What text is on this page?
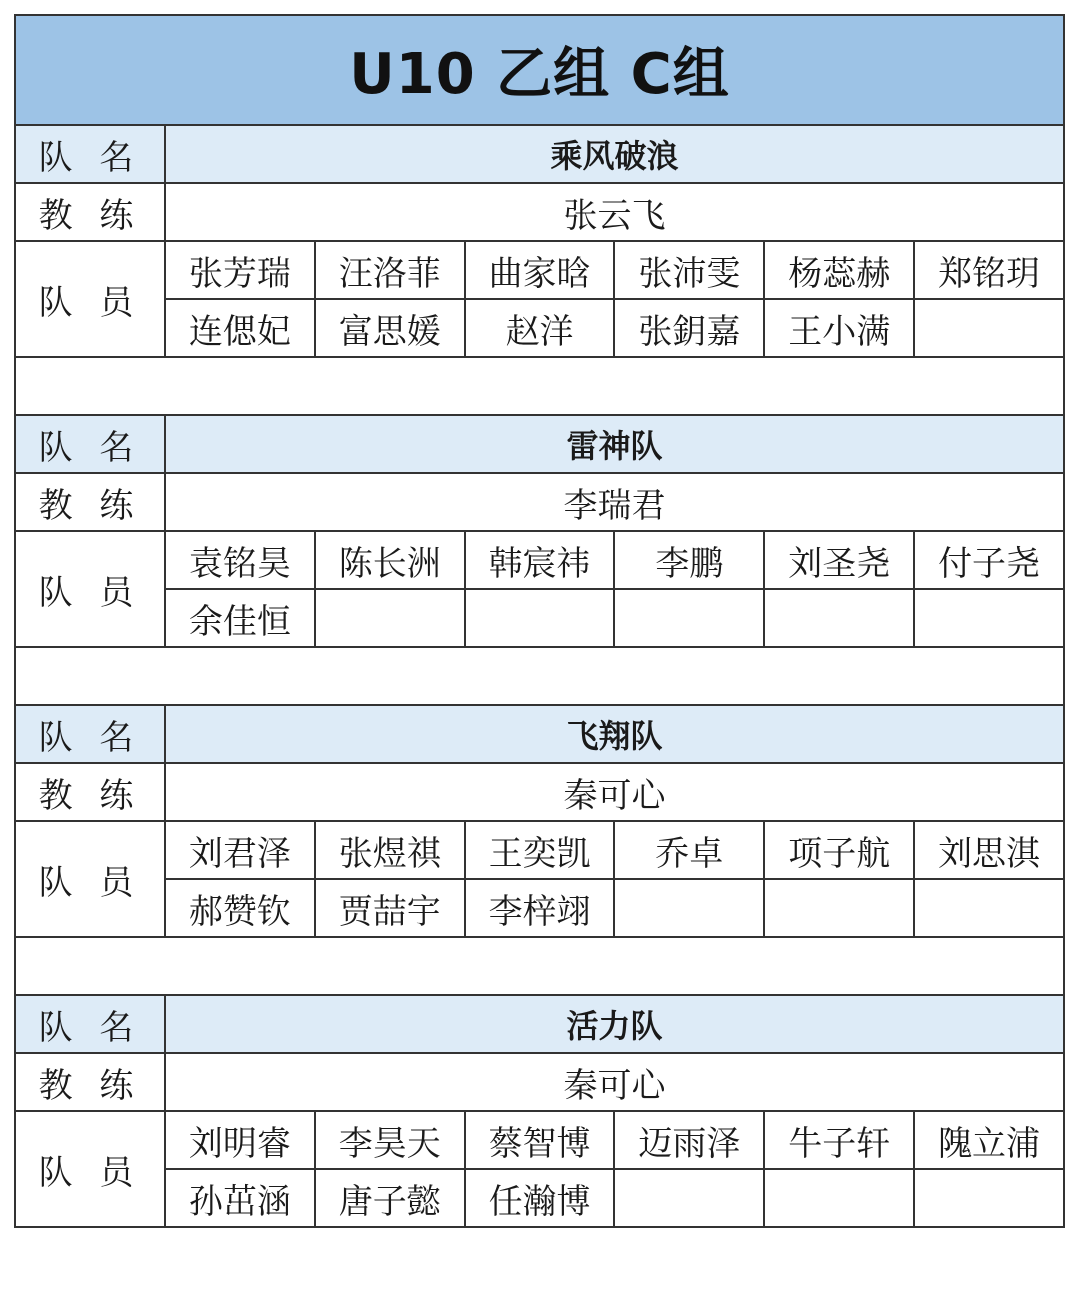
U10 乙组 C组
队 名	乘风破浪					
教 练	张云飞					
队 员	张芳瑞	汪洛菲	曲家晗	张沛雯	杨蕊赫	郑铭玥
	连偲妃	富思媛	赵洋	张鈅嘉	王小满	
队 名	雷神队					
教 练	李瑞君					
队 员	袁铭昊	陈长洲	韩宸祎	李鹏	刘圣尧	付子尧
	余佳恒					
队 名	飞翔队					
教 练	秦可心					
队 员	刘君泽	张煜祺	王奕凯	乔卓	项子航	刘思淇
	郝赞钦	贾喆宇	李梓翊			
队 名	活力队					
教 练	秦可心					
队 员	刘明睿	李昊天	蔡智博	迈雨泽	牛子轩	隗立浦
	孙茁涵	唐子懿	任瀚博			
